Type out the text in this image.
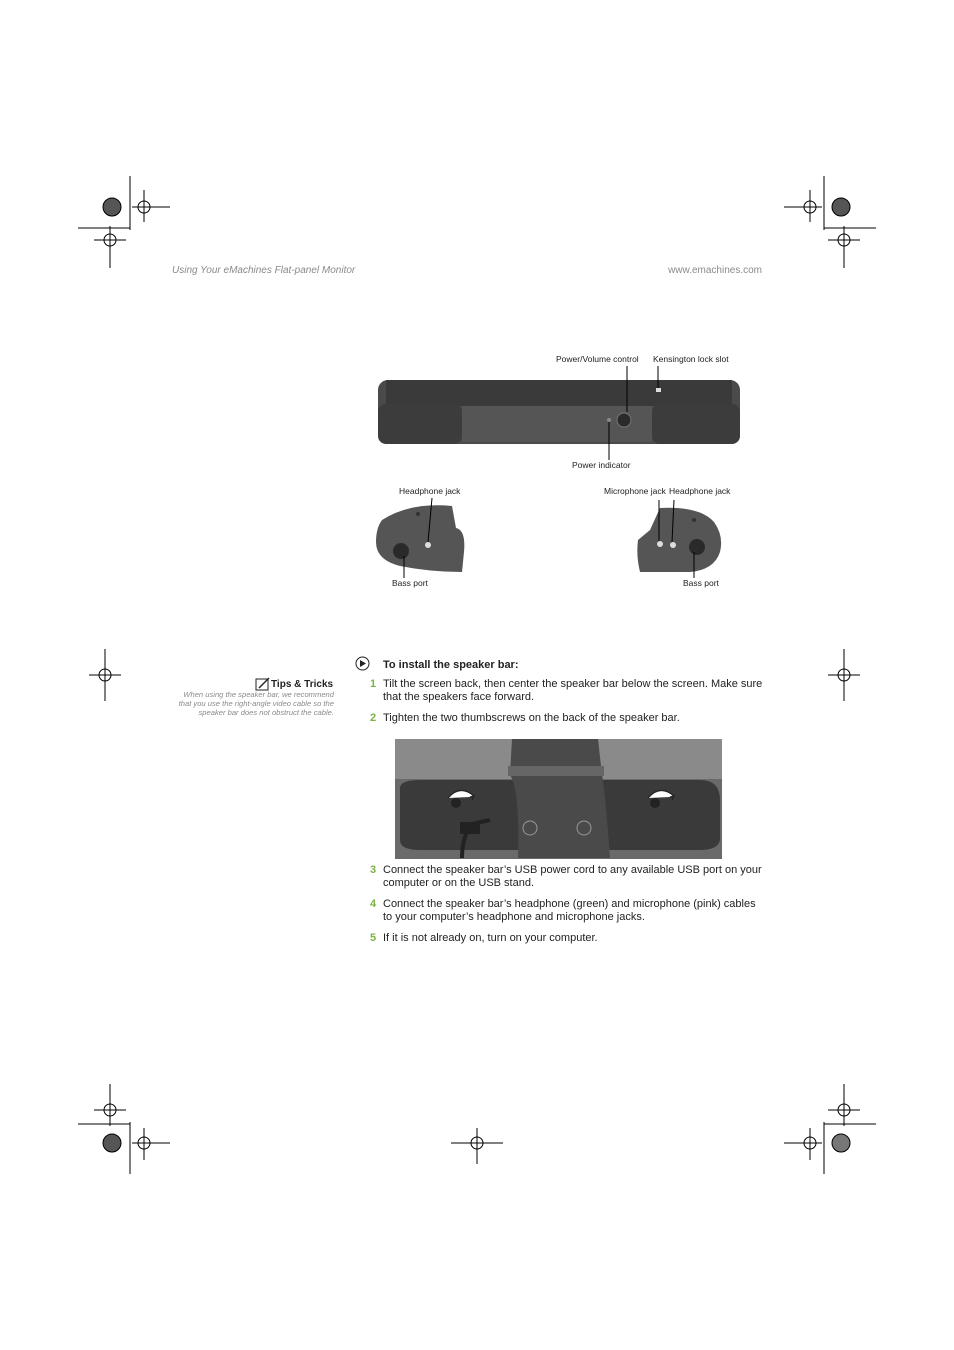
Using Your eMachines Flat-panel Monitor	www.emachines.com
Power/Volume control Kensington lock slot
Power indicator
Headphone jack
Bass port
Microphone jack Headphone jack
Bass port
Tips & Tricks
When using the speaker bar, we recommend that you use the right-angle video cable so the speaker bar does not obstruct the cable.
To install the speaker bar:
1 Tilt the screen back, then center the speaker bar below the screen. Make sure that the speakers face forward.
2 Tighten the two thumbscrews on the back of the speaker bar.
3 Connect the speaker bar’s USB power cord to any available USB port on your computer or on the USB stand.
4 Connect the speaker bar’s headphone (green) and microphone (pink) cables to your computer’s headphone and microphone jacks.
5 If it is not already on, turn on your computer.
